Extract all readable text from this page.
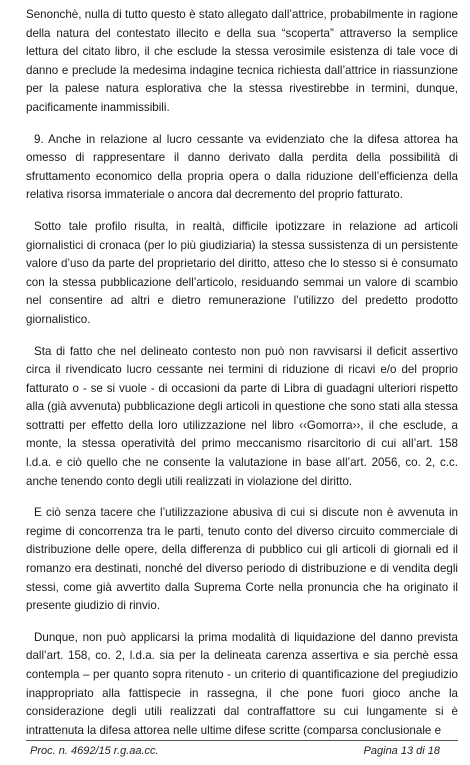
Senonchè, nulla di tutto questo è stato allegato dall’attrice, probabilmente in ragione della natura del contestato illecito e della sua “scoperta” attraverso la semplice lettura del citato libro, il che esclude la stessa verosimile esistenza di tale voce di danno e preclude la medesima indagine tecnica richiesta dall’attrice in riassunzione per la palese natura esplorativa che la stessa rivestirebbe in termini, dunque, pacificamente inammissibili.

9. Anche in relazione al lucro cessante va evidenziato che la difesa attorea ha omesso di rappresentare il danno derivato dalla perdita della possibilità di sfruttamento economico della propria opera o dalla riduzione dell’efficienza della relativa risorsa immateriale o ancora dal decremento del proprio fatturato.

Sotto tale profilo risulta, in realtà, difficile ipotizzare in relazione ad articoli giornalistici di cronaca (per lo più giudiziaria) la stessa sussistenza di un persistente valore d’uso da parte del proprietario del diritto, atteso che lo stesso si è consumato con la stessa pubblicazione dell’articolo, residuando semmai un valore di scambio nel consentire ad altri e dietro remunerazione l’utilizzo del predetto prodotto giornalistico.

Sta di fatto che nel delineato contesto non può non ravvisarsi il deficit assertivo circa il rivendicato lucro cessante nei termini di riduzione di ricavi e/o del proprio fatturato o - se si vuole - di occasioni da parte di Libra di guadagni ulteriori rispetto alla (già avvenuta) pubblicazione degli articoli in questione che sono stati alla stessa sottratti per effetto della loro utilizzazione nel libro ‹‹Gomorra››, il che esclude, a monte, la stessa operatività del primo meccanismo risarcitorio di cui all’art. 158 l.d.a. e ciò quello che ne consente la valutazione in base all’art. 2056, co. 2, c.c. anche tenendo conto degli utili realizzati in violazione del diritto.

E ciò senza tacere che l’utilizzazione abusiva di cui si discute non è avvenuta in regime di concorrenza tra le parti, tenuto conto del diverso circuito commerciale di distribuzione delle opere, della differenza di pubblico cui gli articoli di giornali ed il romanzo era destinati, nonché del diverso periodo di distribuzione e di vendita degli stessi, come già avvertito dalla Suprema Corte nella pronuncia che ha originato il presente giudizio di rinvio.

Dunque, non può applicarsi la prima modalità di liquidazione del danno prevista dall’art. 158, co. 2, l.d.a. sia per la delineata carenza assertiva e sia perchè essa contempla – per quanto sopra ritenuto - un criterio di quantificazione del pregiudizio inappropriato alla fattispecie in rassegna, il che pone fuori gioco anche la considerazione degli utili realizzati dal contraffattore su cui lungamente si è intrattenuta la difesa attorea nelle ultime difese scritte (comparsa conclusionale e

Proc. n. 4692/15 r.g.aa.cc.	Pagina 13 di 18
